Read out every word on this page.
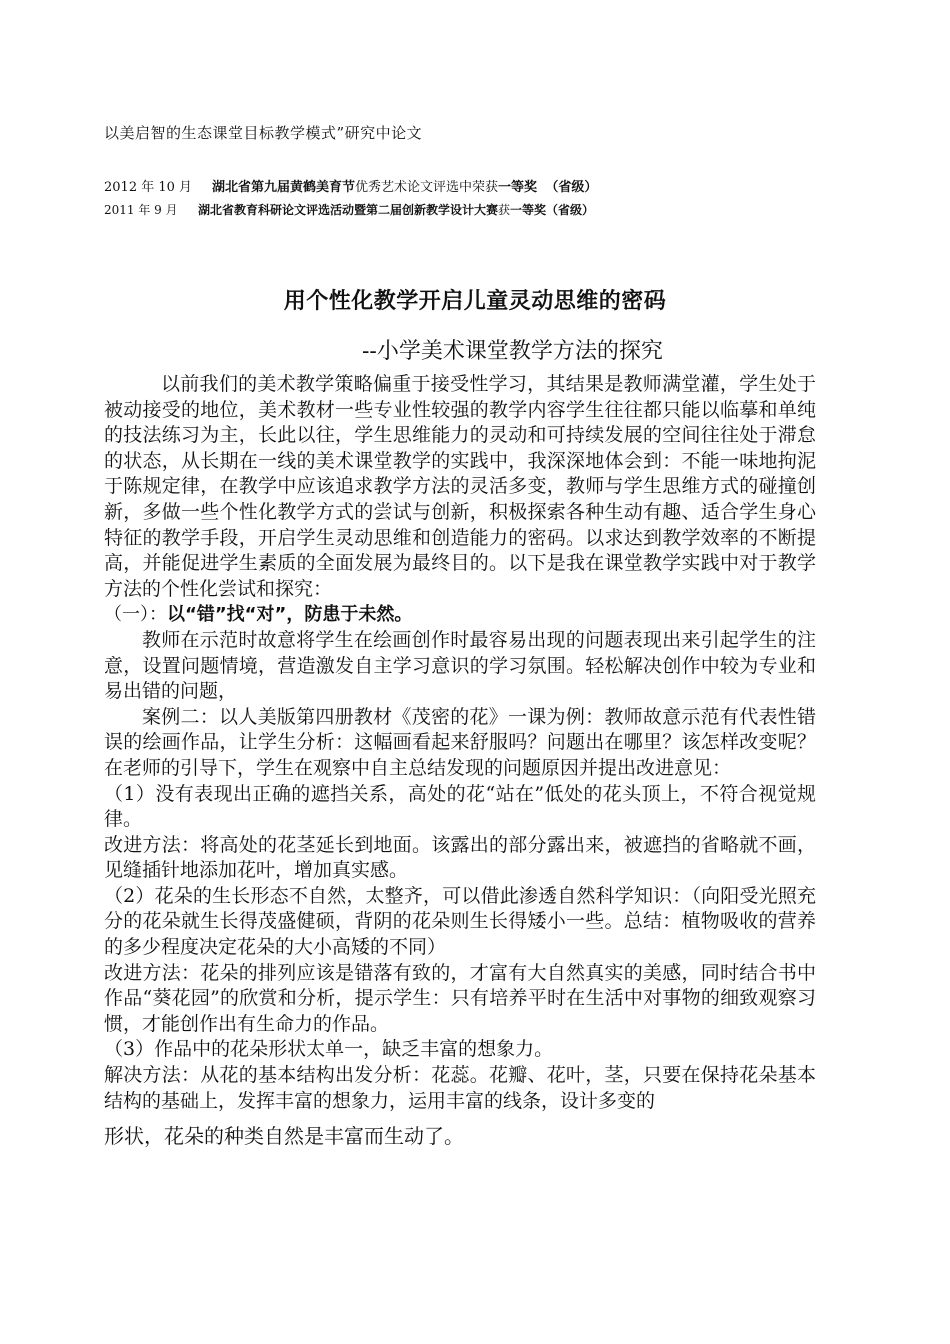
以美启智的生态课堂目标教学模式”研究中论文
2012 年 10 月 湖北省第九届黄鹤美育节优秀艺术论文评选中荣获一等奖 （省级）
2011 年 9 月 湖北省教育科研论文评选活动暨第二届创新教学设计大赛获一等奖（省级）
用个性化教学开启儿童灵动思维的密码
--小学美术课堂教学方法的探究

以前我们的美术教学策略偏重于接受性学习，其结果是教师满堂灌，学生处于被动接受的地位，美术教材一些专业性较强的教学内容学生往往都只能以临摹和单纯的技法练习为主，长此以往，学生思维能力的灵动和可持续发展的空间往往处于滞怠的状态，从长期在一线的美术课堂教学的实践中，我深深地体会到：不能一味地拘泥于陈规定律，在教学中应该追求教学方法的灵活多变，教师与学生思维方式的碰撞创新，多做一些个性化教学方式的尝试与创新，积极探索各种生动有趣、适合学生身心特征的教学手段，开启学生灵动思维和创造能力的密码。以求达到教学效率的不断提高，并能促进学生素质的全面发展为最终目的。以下是我在课堂教学实践中对于教学方法的个性化尝试和探究：

（一）：以“错”找“对”，防患于未然。

教师在示范时故意将学生在绘画创作时最容易出现的问题表现出来引起学生的注意，设置问题情境，营造激发自主学习意识的学习氛围。轻松解决创作中较为专业和易出错的问题，

案例二：以人美版第四册教材《茂密的花》一课为例：教师故意示范有代表性错误的绘画作品，让学生分析：这幅画看起来舒服吗？问题出在哪里？该怎样改变呢？在老师的引导下，学生在观察中自主总结发现的问题原因并提出改进意见：

（1）没有表现出正确的遮挡关系，高处的花“站在”低处的花头顶上，不符合视觉规律。

改进方法：将高处的花茎延长到地面。该露出的部分露出来，被遮挡的省略就不画，见缝插针地添加花叶，增加真实感。

（2）花朵的生长形态不自然，太整齐，可以借此渗透自然科学知识：（向阳受光照充分的花朵就生长得茂盛健硕，背阴的花朵则生长得矮小一些。总结：植物吸收的营养的多少程度决定花朵的大小高矮的不同）

改进方法：花朵的排列应该是错落有致的，才富有大自然真实的美感，同时结合书中作品“葵花园”的欣赏和分析，提示学生：只有培养平时在生活中对事物的细致观察习惯，才能创作出有生命力的作品。

（3）作品中的花朵形状太单一，缺乏丰富的想象力。

解决方法：从花的基本结构出发分析：花蕊。花瓣、花叶，茎，只要在保持花朵基本结构的基础上，发挥丰富的想象力，运用丰富的线条，设计多变的

形状，花朵的种类自然是丰富而生动了。
